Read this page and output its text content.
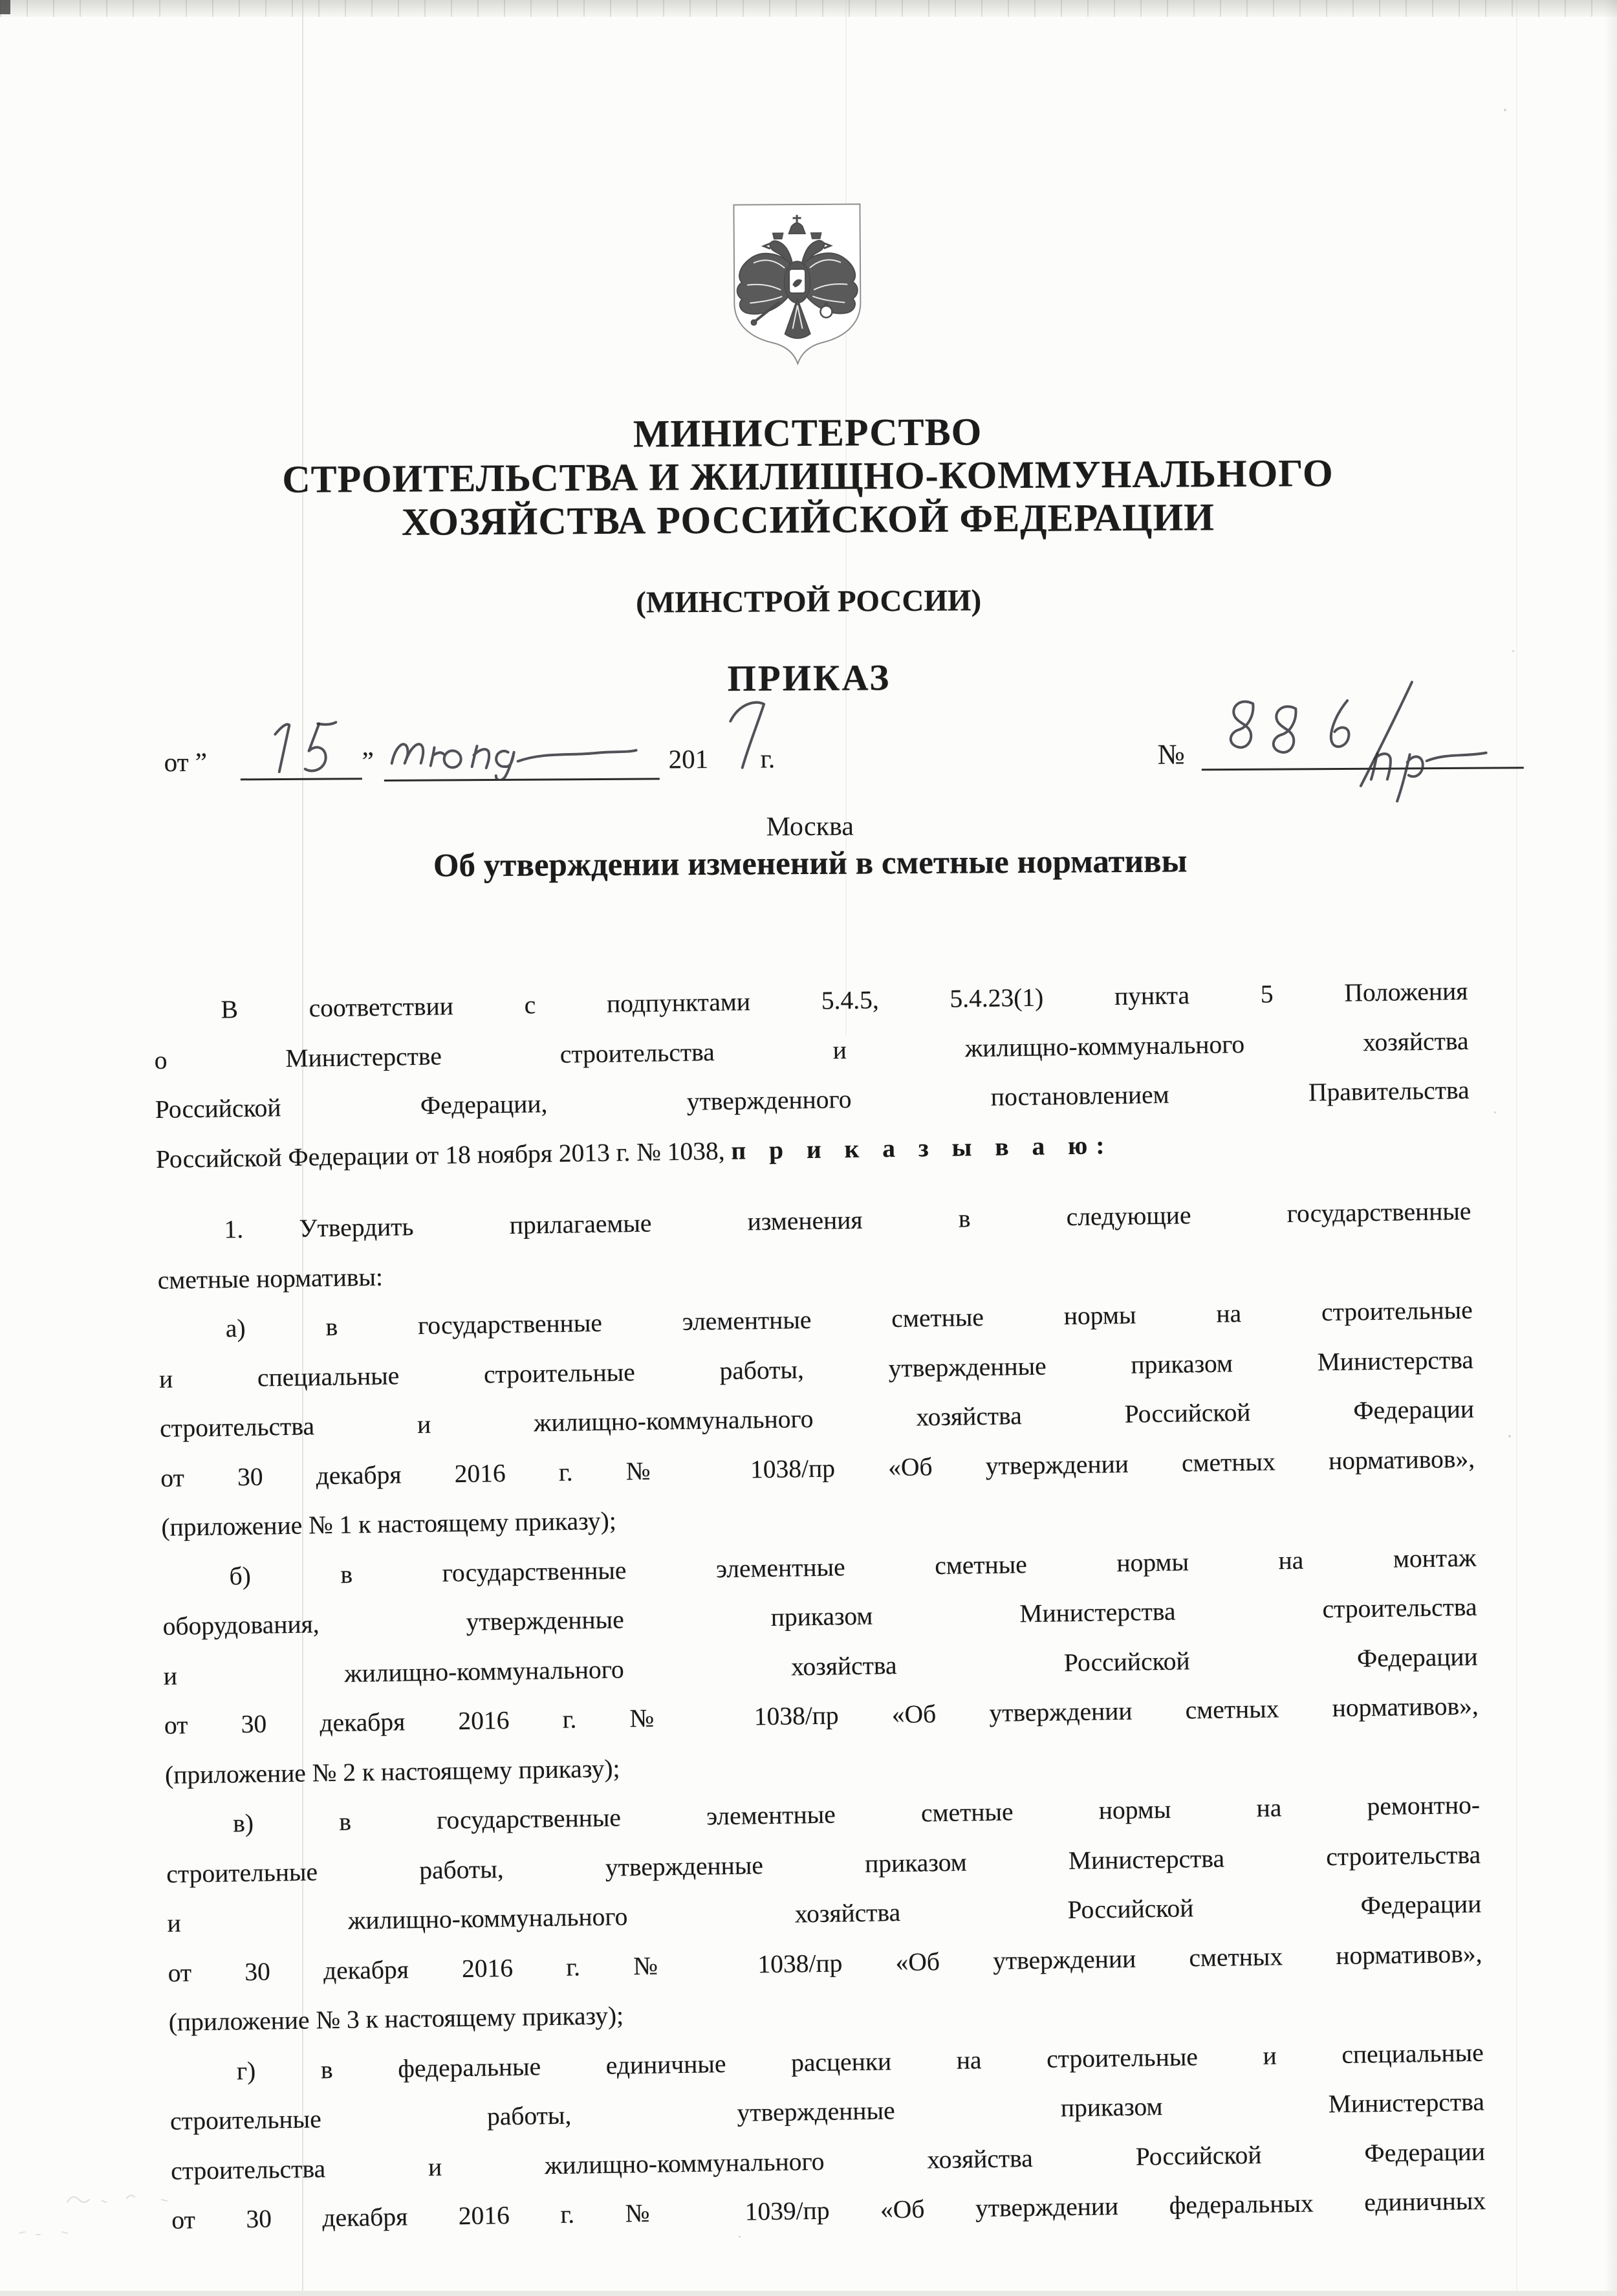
МИНИСТЕРСТВО
СТРОИТЕЛЬСТВА И ЖИЛИЩНО-КОММУНАЛЬНОГО
ХОЗЯЙСТВА РОССИЙСКОЙ ФЕДЕРАЦИИ
(МИНСТРОЙ РОССИИ)
ПРИКАЗ
от ”	”	201 г.	№
Москва
Об утверждении изменений в сметные нормативы
В соответствии с подпунктами 5.4.5, 5.4.23(1) пункта 5 Положения
о Министерстве строительства и жилищно-коммунального хозяйства
Российской Федерации, утвержденного постановлением Правительства
Российской Федерации от 18 ноября 2013 г. № 1038, п р и к а з ы в а ю:
1. Утвердить прилагаемые изменения в следующие государственные
сметные нормативы:
а) в государственные элементные сметные нормы на строительные
и специальные строительные работы, утвержденные приказом Министерства
строительства и жилищно-коммунального хозяйства Российской Федерации
от 30 декабря 2016 г. № 1038/пр «Об утверждении сметных нормативов»,
(приложение № 1 к настоящему приказу);
б) в государственные элементные сметные нормы на монтаж
оборудования, утвержденные приказом Министерства строительства
и жилищно-коммунального хозяйства Российской Федерации
от 30 декабря 2016 г. № 1038/пр «Об утверждении сметных нормативов»,
(приложение № 2 к настоящему приказу);
в) в государственные элементные сметные нормы на ремонтно-
строительные работы, утвержденные приказом Министерства строительства
и жилищно-коммунального хозяйства Российской Федерации
от 30 декабря 2016 г. № 1038/пр «Об утверждении сметных нормативов»,
(приложение № 3 к настоящему приказу);
г) в федеральные единичные расценки на строительные и специальные
строительные работы, утвержденные приказом Министерства
строительства и жилищно-коммунального хозяйства Российской Федерации
от 30 декабря 2016 г. № 1039/пр «Об утверждении федеральных единичных
